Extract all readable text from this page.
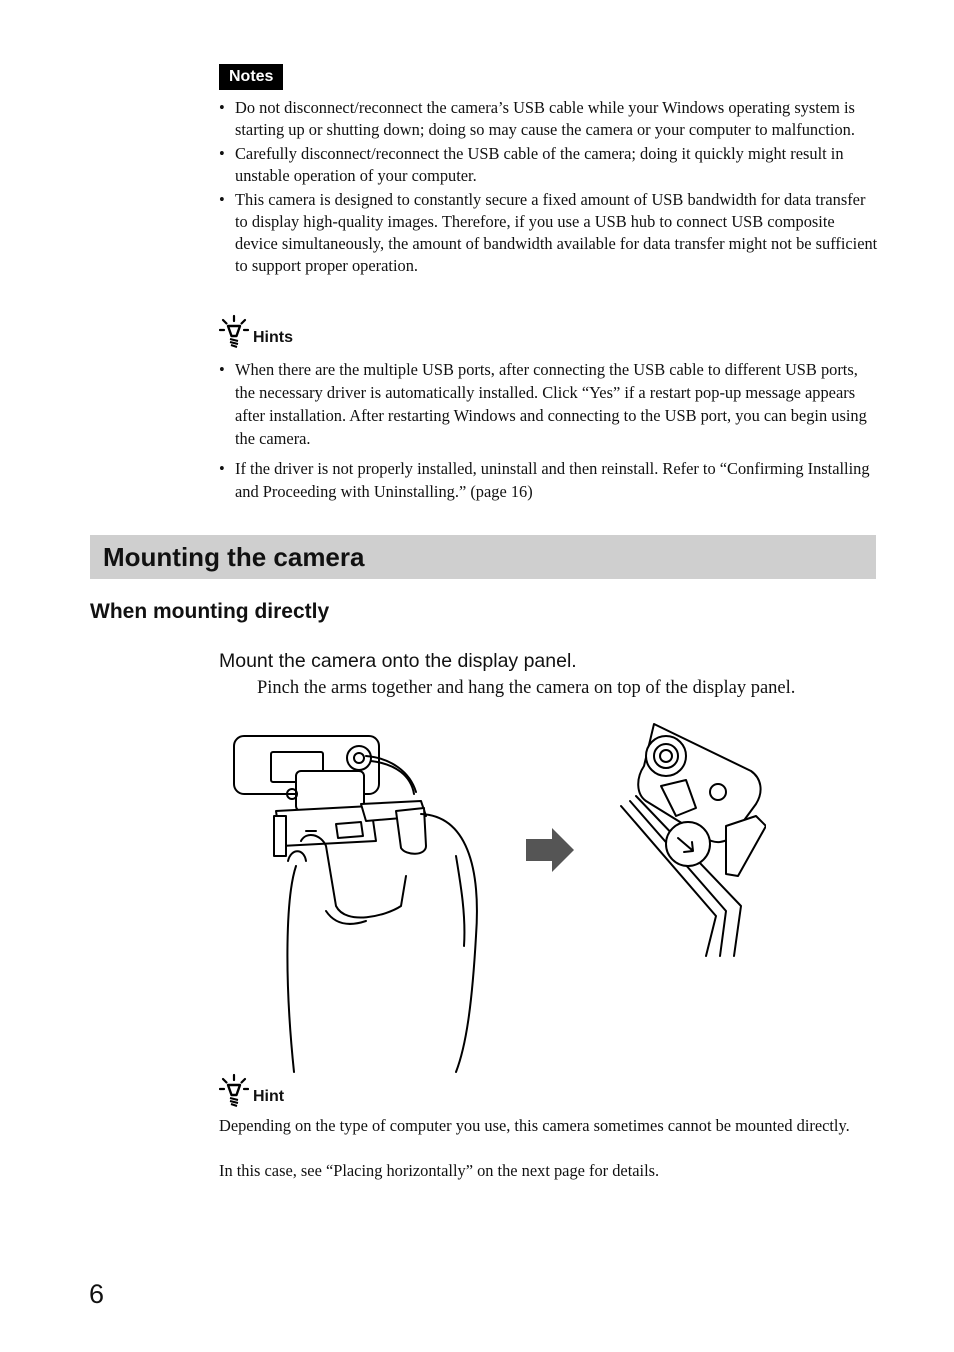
Notes
• Do not disconnect/reconnect the camera’s USB cable while your Windows operating system is starting up or shutting down; doing so may cause the camera or your computer to malfunction.
• Carefully disconnect/reconnect the USB cable of the camera; doing it quickly might result in unstable operation of your computer.
• This camera is designed to constantly secure a fixed amount of USB bandwidth for data transfer to display high-quality images. Therefore, if you use a USB hub to connect USB composite device simultaneously, the amount of bandwidth available for data transfer might not be sufficient to support proper operation.
Hints
• When there are the multiple USB ports, after connecting the USB cable to different USB ports, the necessary driver is automatically installed. Click “Yes” if a restart pop-up message appears after installation. After restarting Windows and connecting to the USB port, you can begin using the camera.
• If the driver is not properly installed, uninstall and then reinstall. Refer to “Confirming Installing and Proceeding with Uninstalling.” (page 16)
Mounting the camera
When mounting directly
Mount the camera onto the display panel.

Pinch the arms together and hang the camera on top of the display panel.

Hint

Depending on the type of computer you use, this camera sometimes cannot be mounted directly.

In this case, see “Placing horizontally” on the next page for details.

6
